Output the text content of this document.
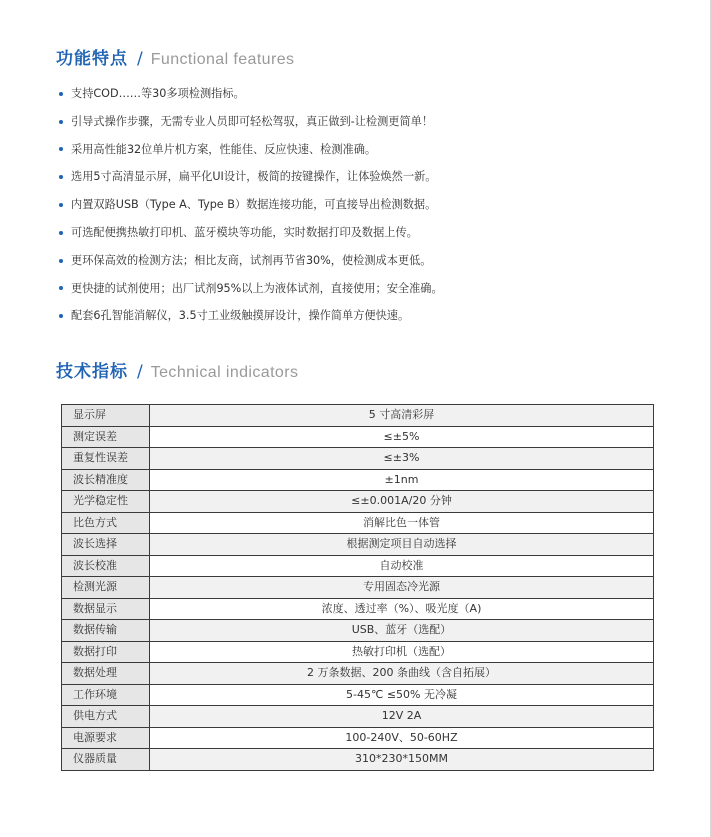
功能特点 / Functional features
支持COD……等30多项检测指标。
引导式操作步骤，无需专业人员即可轻松驾驭，真正做到-让检测更简单！
采用高性能32位单片机方案，性能佳、反应快速、检测准确。
选用5寸高清显示屏，扁平化UI设计，极简的按键操作，让体验焕然一新。
内置双路USB（Type A、Type B）数据连接功能，可直接导出检测数据。
可选配便携热敏打印机、蓝牙模块等功能，实时数据打印及数据上传。
更环保高效的检测方法；相比友商，试剂再节省30%，使检测成本更低。
更快捷的试剂使用；出厂试剂95%以上为液体试剂，直接使用；安全准确。
配套6孔智能消解仪，3.5寸工业级触摸屏设计，操作简单方便快速。
技术指标 / Technical indicators
显示屏	5 寸高清彩屏
测定误差	≤±5%
重复性误差	≤±3%
波长精准度	±1nm
光学稳定性	≤±0.001A/20 分钟
比色方式	消解比色一体管
波长选择	根据测定项目自动选择
波长校准	自动校准
检测光源	专用固态冷光源
数据显示	浓度、透过率（%）、吸光度（A)
数据传输	USB、蓝牙（选配）
数据打印	热敏打印机（选配）
数据处理	2 万条数据、200 条曲线（含自拓展）
工作环境	5-45℃ ≤50% 无冷凝
供电方式	12V 2A
电源要求	100-240V、50-60HZ
仪器质量	310*230*150MM
